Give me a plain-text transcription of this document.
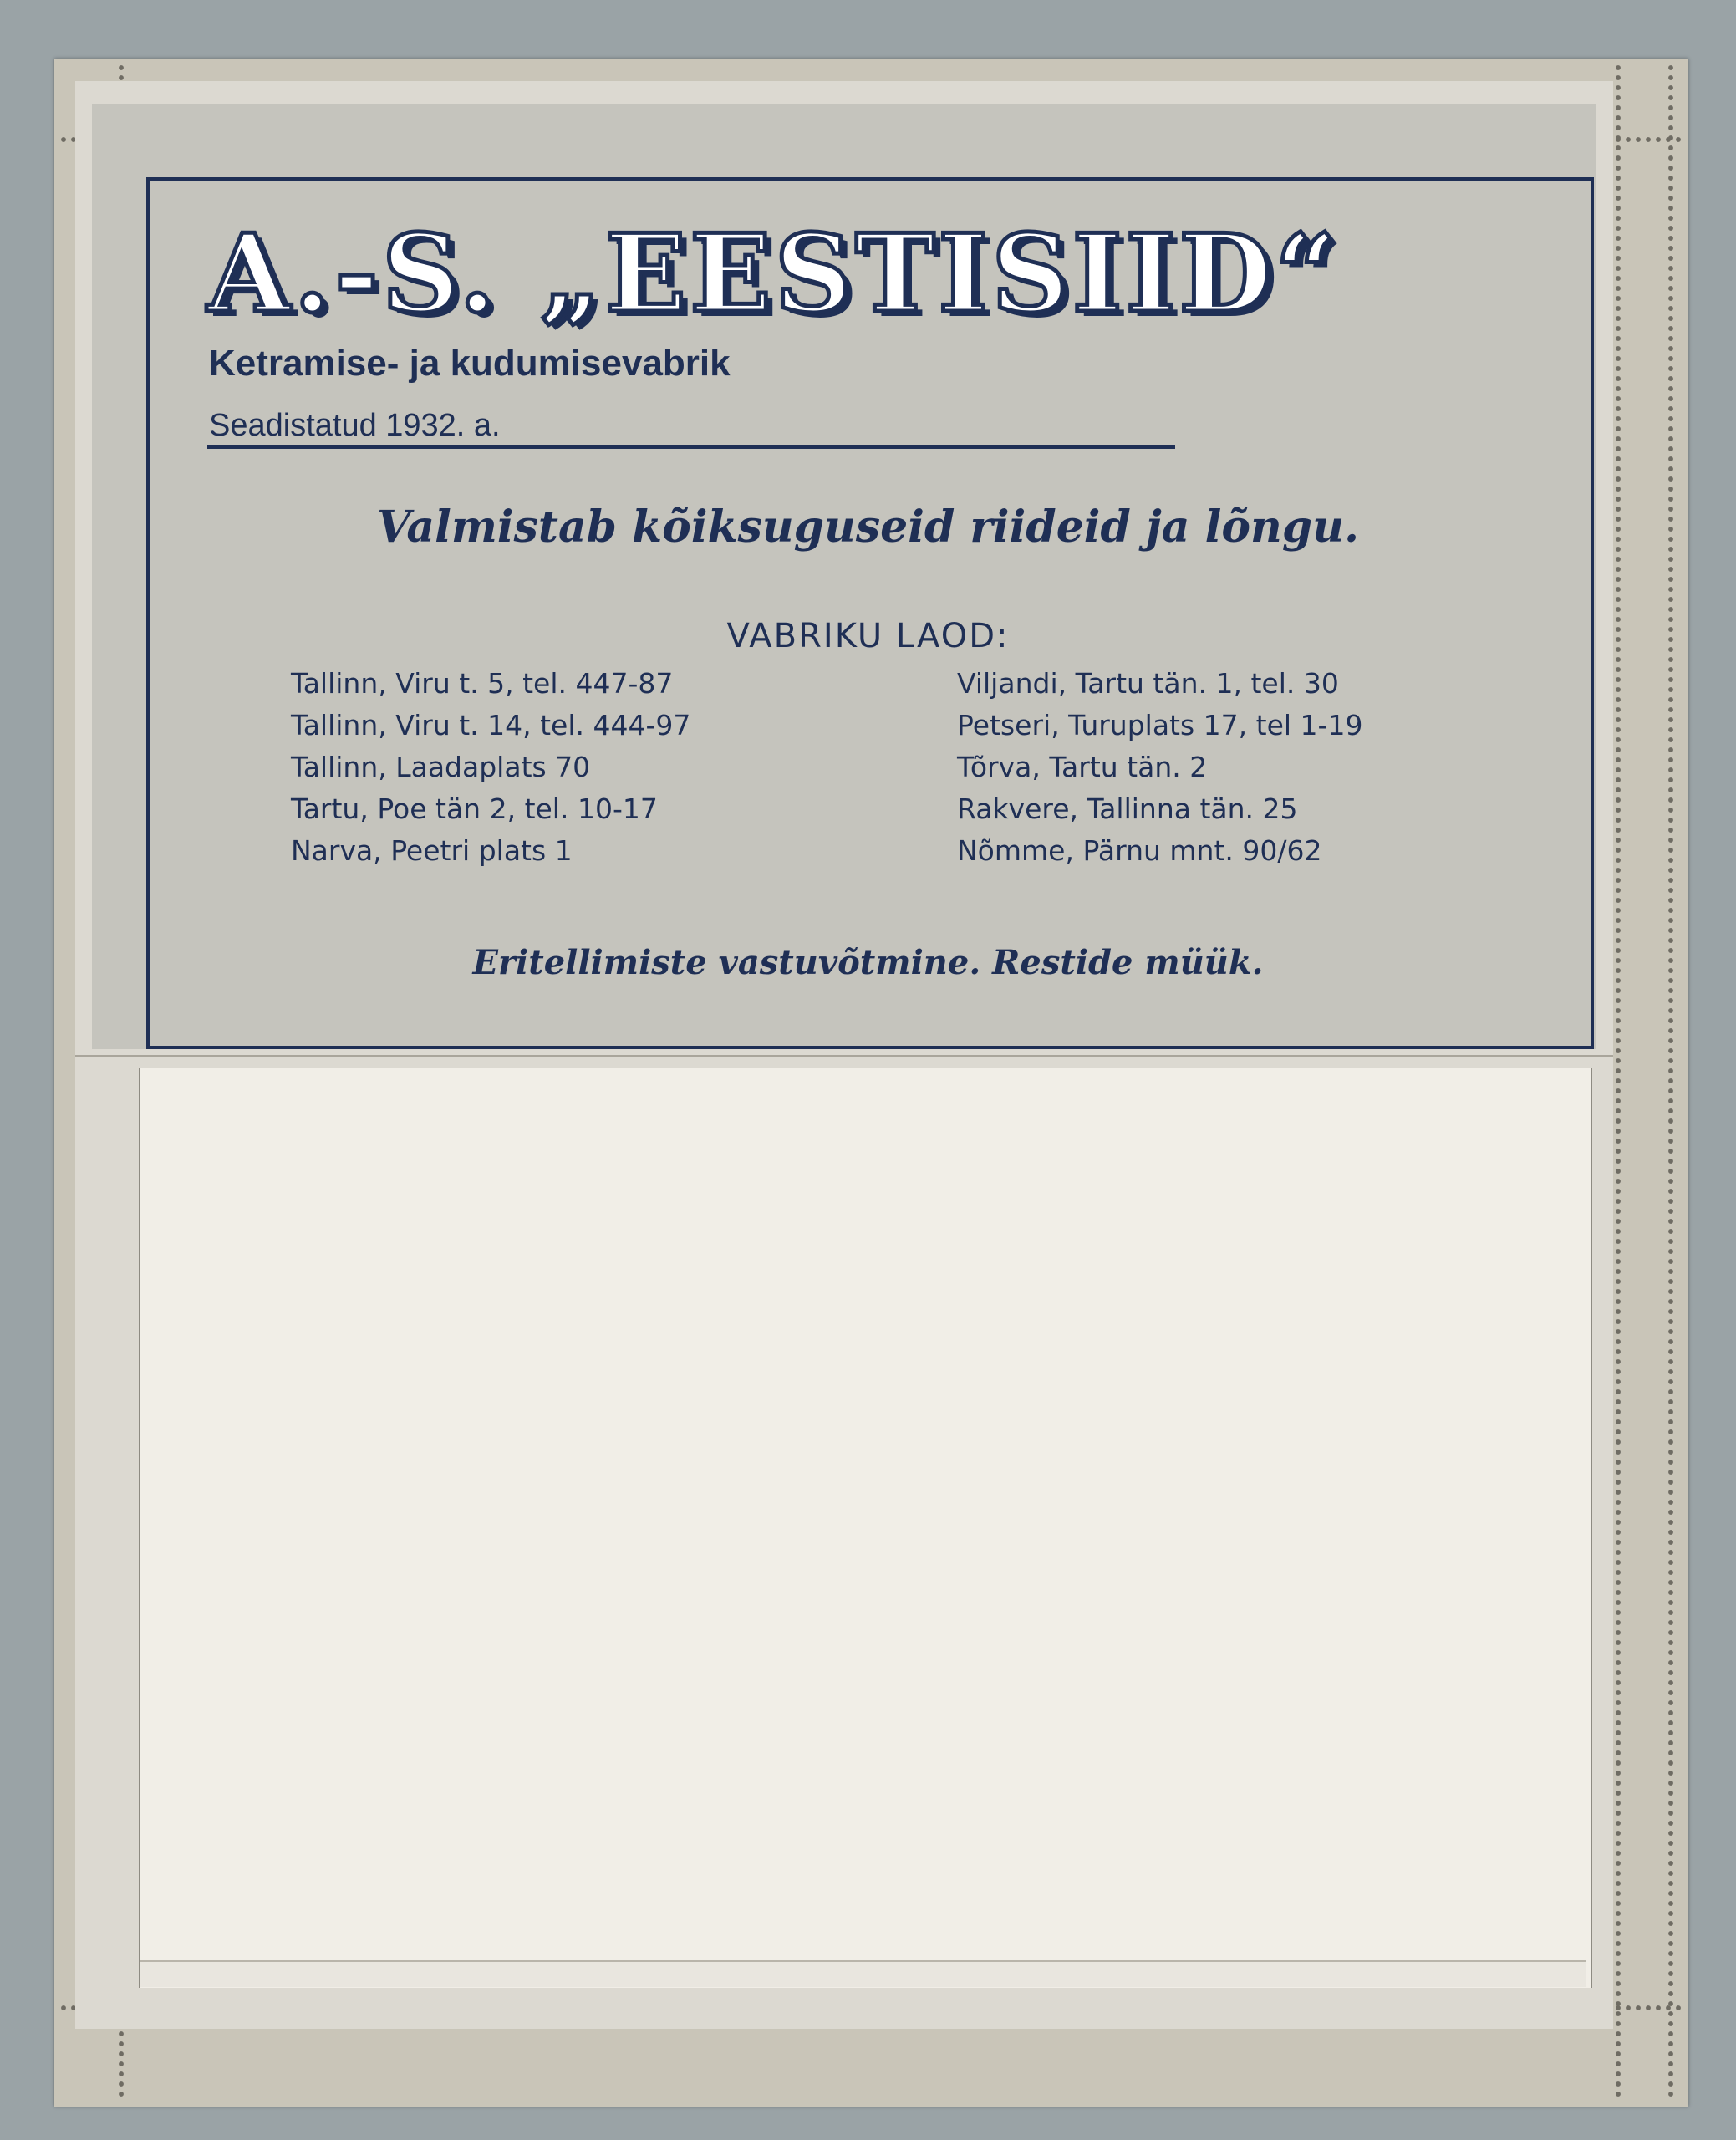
A.-S. „EESTISIID“
Ketramise- ja kudumisevabrik
Seadistatud 1932. a.
Valmistab kõiksuguseid riideid ja lõngu.
VABRIKU LAOD:
Tallinn, Viru t. 5, tel. 447-87
Tallinn, Viru t. 14, tel. 444-97
Tallinn, Laadaplats 70
Tartu, Poe tän 2, tel. 10-17
Narva, Peetri plats 1
Viljandi, Tartu tän. 1, tel. 30
Petseri, Turuplats 17, tel 1-19
Tõrva, Tartu tän. 2
Rakvere, Tallinna tän. 25
Nõmme, Pärnu mnt. 90/62
Eritellimiste vastuvõtmine. Restide müük.
